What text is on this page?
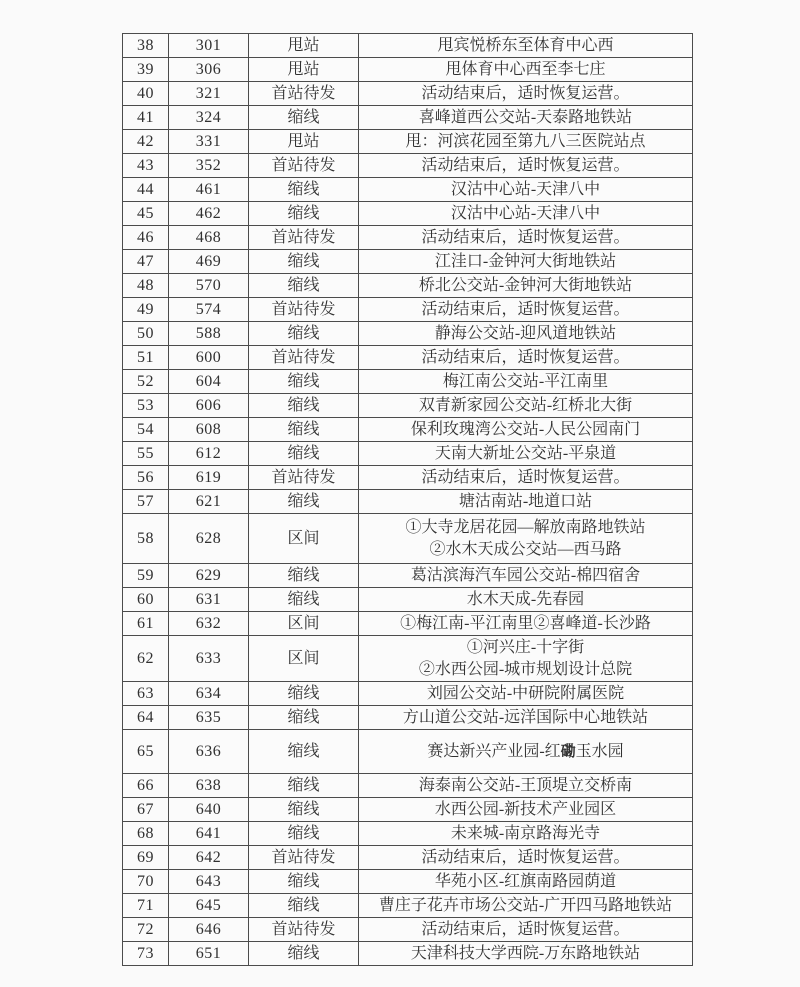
38	301	甩站	甩宾悦桥东至体育中心西

39	306	甩站	甩体育中心西至李七庄

40	321	首站待发	活动结束后，适时恢复运营。

41	324	缩线	喜峰道西公交站-天泰路地铁站

42	331	甩站	甩：河滨花园至第九八三医院站点

43	352	首站待发	活动结束后，适时恢复运营。

44	461	缩线	汉沽中心站-天津八中

45	462	缩线	汉沽中心站-天津八中

46	468	首站待发	活动结束后，适时恢复运营。

47	469	缩线	江洼口-金钟河大街地铁站

48	570	缩线	桥北公交站-金钟河大街地铁站

49	574	首站待发	活动结束后，适时恢复运营。

50	588	缩线	静海公交站-迎风道地铁站

51	600	首站待发	活动结束后，适时恢复运营。

52	604	缩线	梅江南公交站-平江南里

53	606	缩线	双青新家园公交站-红桥北大街

54	608	缩线	保利玫瑰湾公交站-人民公园南门

55	612	缩线	天南大新址公交站-平泉道

56	619	首站待发	活动结束后，适时恢复运营。

57	621	缩线	塘沽南站-地道口站

58	628	区间	①大寺龙居花园—解放南路地铁站
②水木天成公交站—西马路

59	629	缩线	葛沽滨海汽车园公交站-棉四宿舍

60	631	缩线	水木天成-先春园

61	632	区间	①梅江南-平江南里②喜峰道-长沙路

62	633	区间	①河兴庄-十字街
②水西公园-城市规划设计总院

63	634	缩线	刘园公交站-中研院附属医院

64	635	缩线	方山道公交站-远洋国际中心地铁站

65	636	缩线	赛达新兴产业园-红磡玉水园

66	638	缩线	海泰南公交站-王顶堤立交桥南

67	640	缩线	水西公园-新技术产业园区

68	641	缩线	未来城-南京路海光寺

69	642	首站待发	活动结束后，适时恢复运营。

70	643	缩线	华苑小区-红旗南路园荫道

71	645	缩线	曹庄子花卉市场公交站-广开四马路地铁站

72	646	首站待发	活动结束后，适时恢复运营。

73	651	缩线	天津科技大学西院-万东路地铁站
